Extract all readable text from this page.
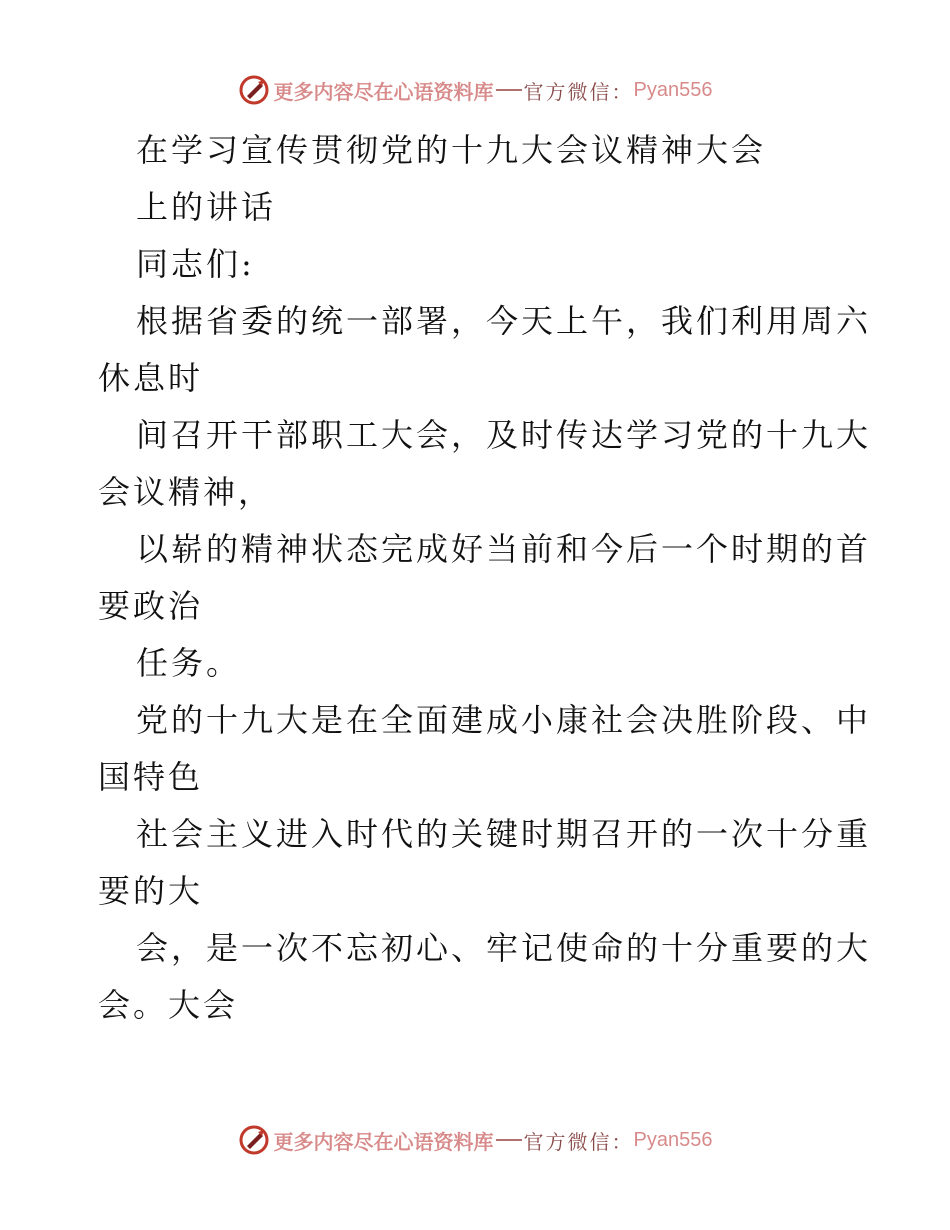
更多内容尽在心语资料库 官方微信： Pyan556
在学习宣传贯彻党的十九大会议精神大会
上的讲话
同志们:
根据省委的统一部署，今天上午，我们利用周六
休息时
间召开干部职工大会，及时传达学习党的十九大
会议精神，
以崭的精神状态完成好当前和今后一个时期的首
要政治
任务。
党的十九大是在全面建成小康社会决胜阶段、中
国特色
社会主义进入时代的关键时期召开的一次十分重
要的大
会，是一次不忘初心、牢记使命的十分重要的大
会。大会
更多内容尽在心语资料库 官方微信： Pyan556
